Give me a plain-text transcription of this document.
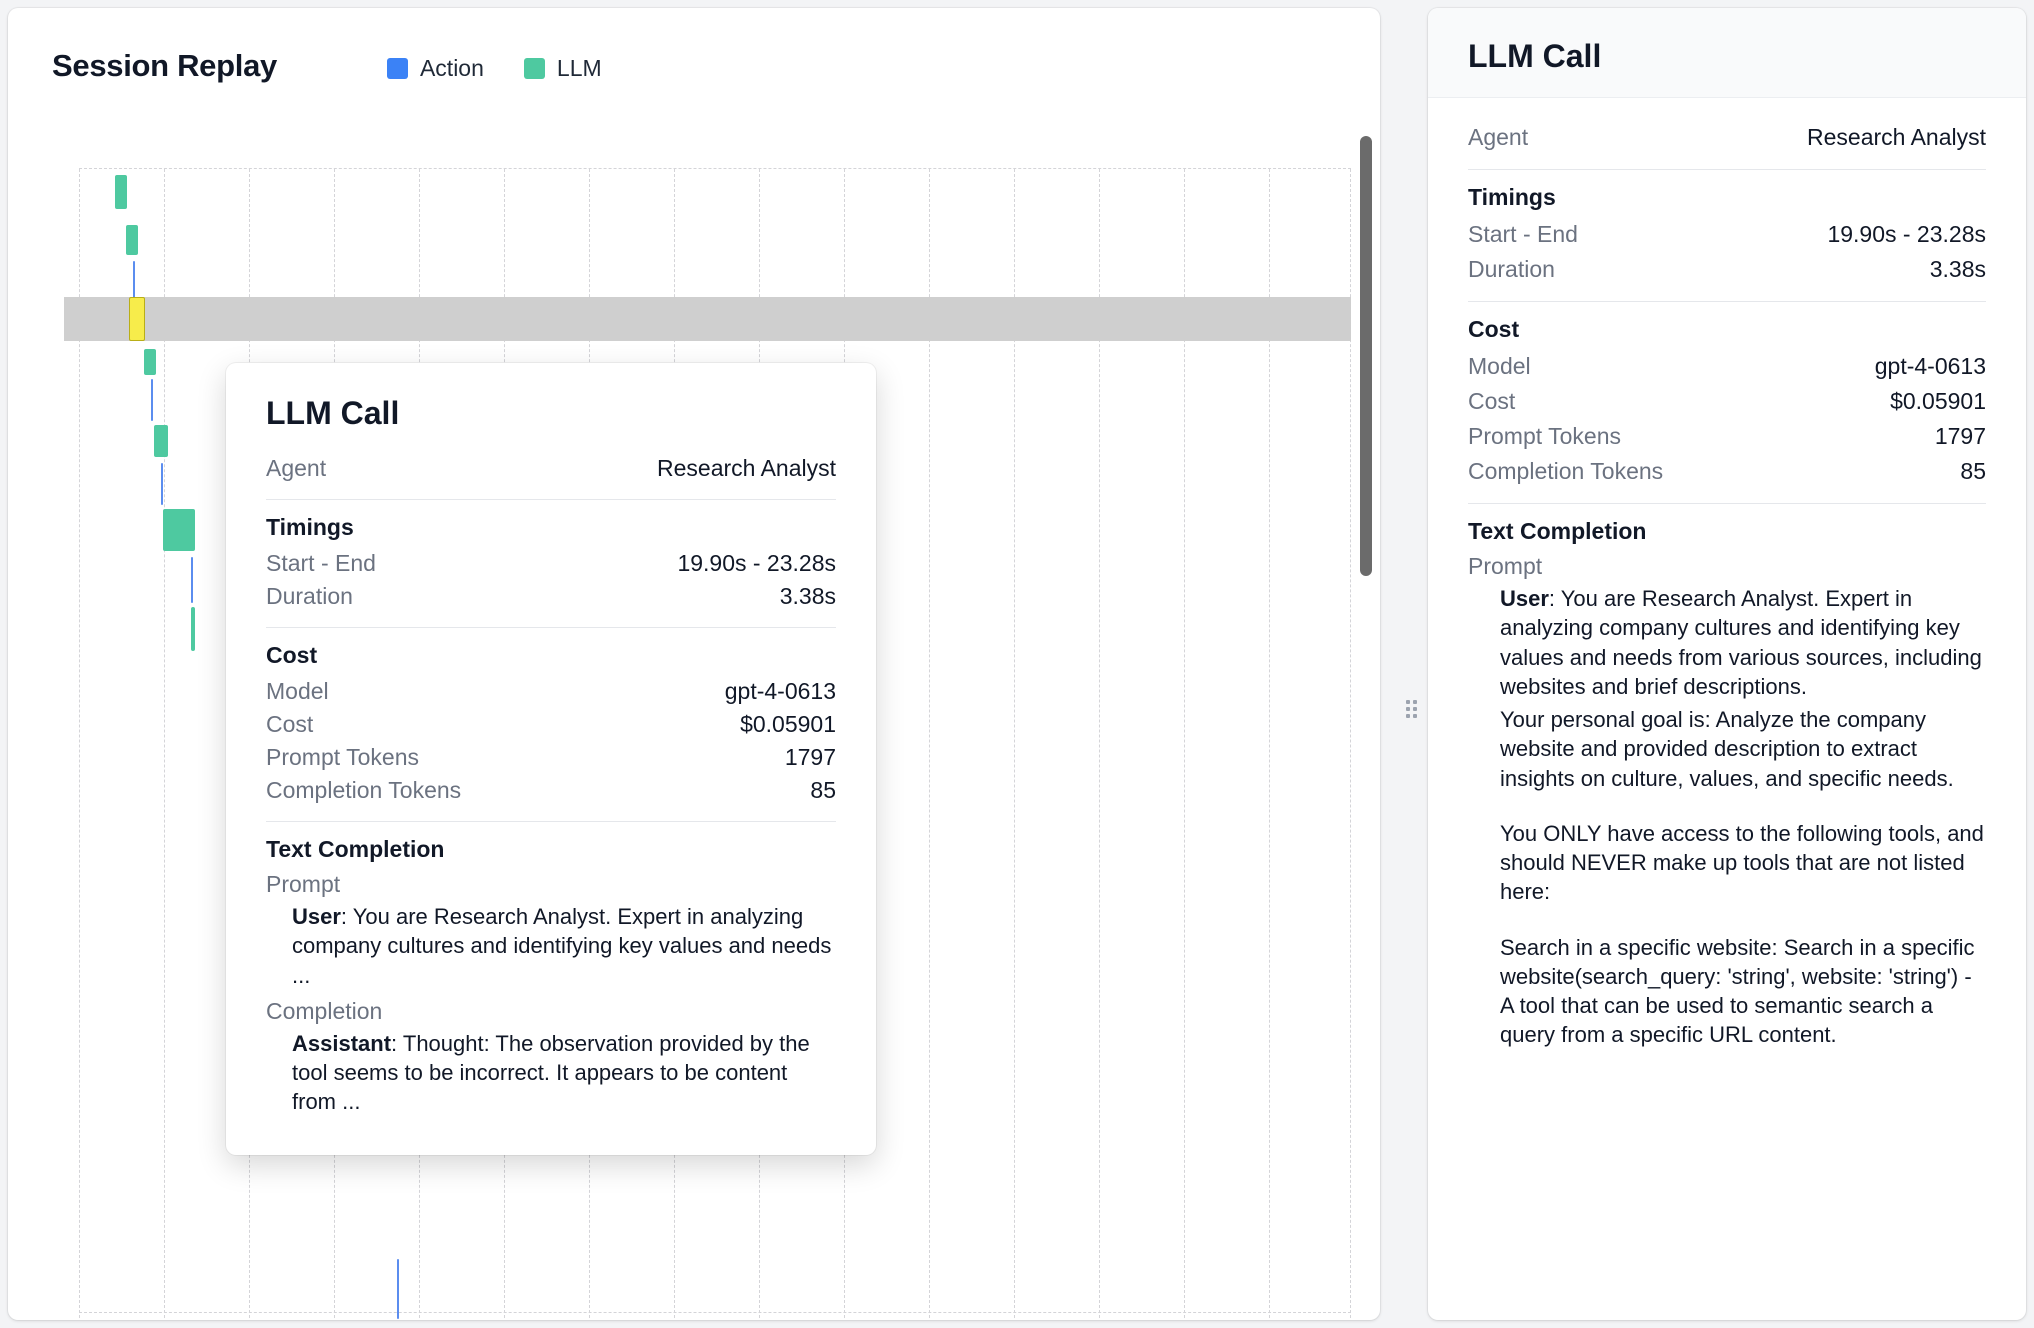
Session Replay	Action	LLM
LLM Call
Agent	Research Analyst
Timings
Start - End	19.90s - 23.28s
Duration	3.38s
Cost
Model	gpt-4-0613
Cost	$0.05901
Prompt Tokens	1797
Completion Tokens	85
Text Completion
Prompt

User: You are Research Analyst. Expert in analyzing company cultures and identifying key values and needs ...

Completion

Assistant: Thought: The observation provided by the tool seems to be incorrect. It appears to be content from ...

LLM Call
Agent	Research Analyst
Timings
Start - End	19.90s - 23.28s
Duration	3.38s
Cost
Model	gpt-4-0613
Cost	$0.05901
Prompt Tokens	1797
Completion Tokens	85
Text Completion
Prompt

User: You are Research Analyst. Expert in analyzing company cultures and identifying key values and needs from various sources, including websites and brief descriptions.

Your personal goal is: Analyze the company website and provided description to extract insights on culture, values, and specific needs.

You ONLY have access to the following tools, and should NEVER make up tools that are not listed here:

Search in a specific website: Search in a specific website(search_query: 'string', website: 'string') - A tool that can be used to semantic search a query from a specific URL content.
